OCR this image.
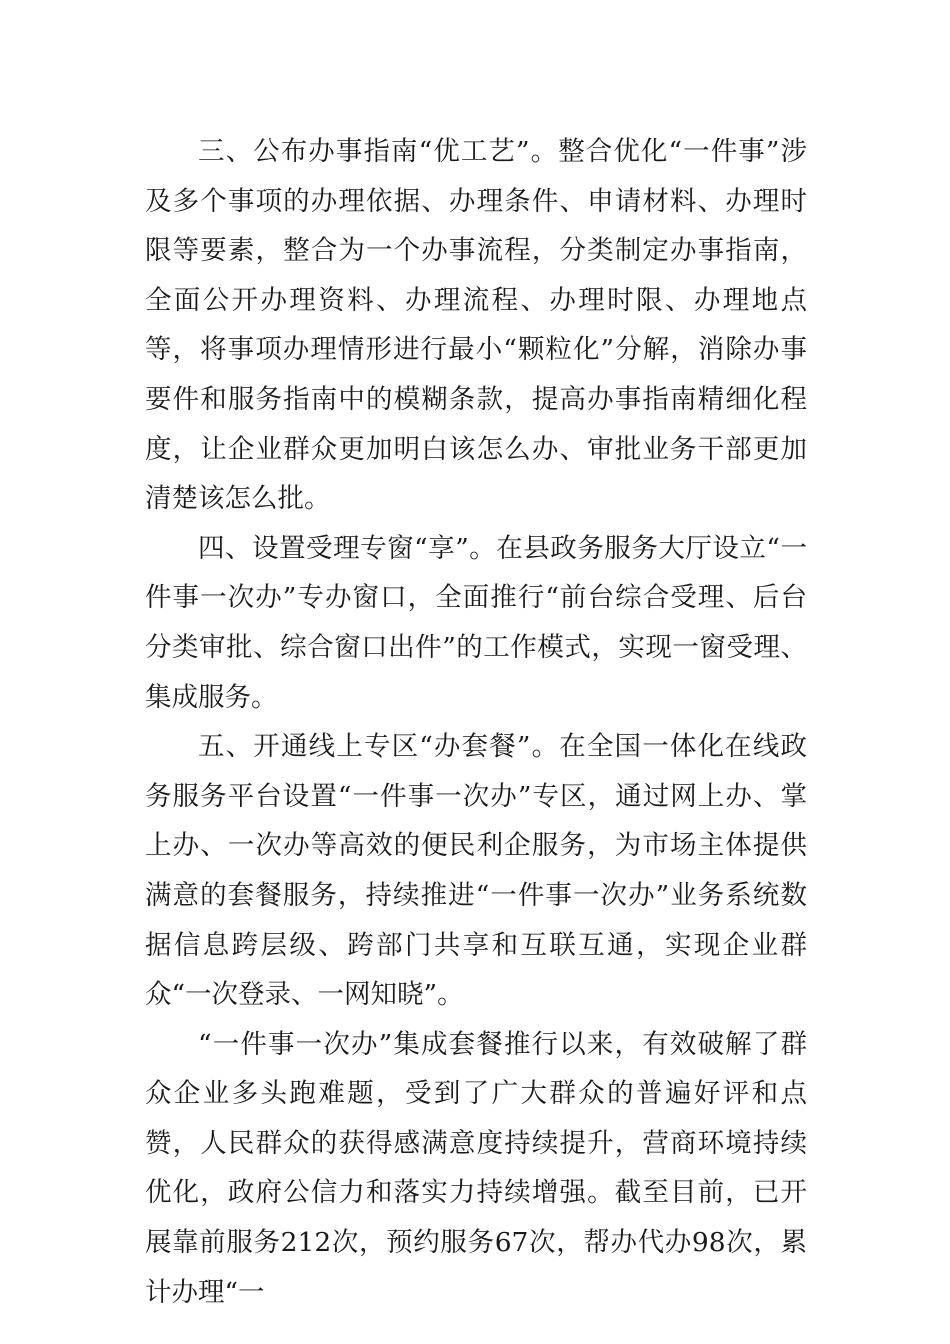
三、公布办事指南“优工艺”。整合优化“一件事”涉及多个事项的办理依据、办理条件、申请材料、办理时限等要素，整合为一个办事流程，分类制定办事指南，全面公开办理资料、办理流程、办理时限、办理地点等，将事项办理情形进行最小“颗粒化”分解，消除办事要件和服务指南中的模糊条款，提高办事指南精细化程度，让企业群众更加明白该怎么办、审批业务干部更加清楚该怎么批。

四、设置受理专窗“享”。在县政务服务大厅设立“一件事一次办”专办窗口，全面推行“前台综合受理、后台分类审批、综合窗口出件”的工作模式，实现一窗受理、集成服务。

五、开通线上专区“办套餐”。在全国一体化在线政务服务平台设置“一件事一次办”专区，通过网上办、掌上办、一次办等高效的便民利企服务，为市场主体提供满意的套餐服务，持续推进“一件事一次办”业务系统数据信息跨层级、跨部门共享和互联互通，实现企业群众“一次登录、一网知晓”。

“一件事一次办”集成套餐推行以来，有效破解了群众企业多头跑难题，受到了广大群众的普遍好评和点赞，人民群众的获得感满意度持续提升，营商环境持续优化，政府公信力和落实力持续增强。截至目前，已开展靠前服务212次，预约服务67次，帮办代办98次，累计办理“一
